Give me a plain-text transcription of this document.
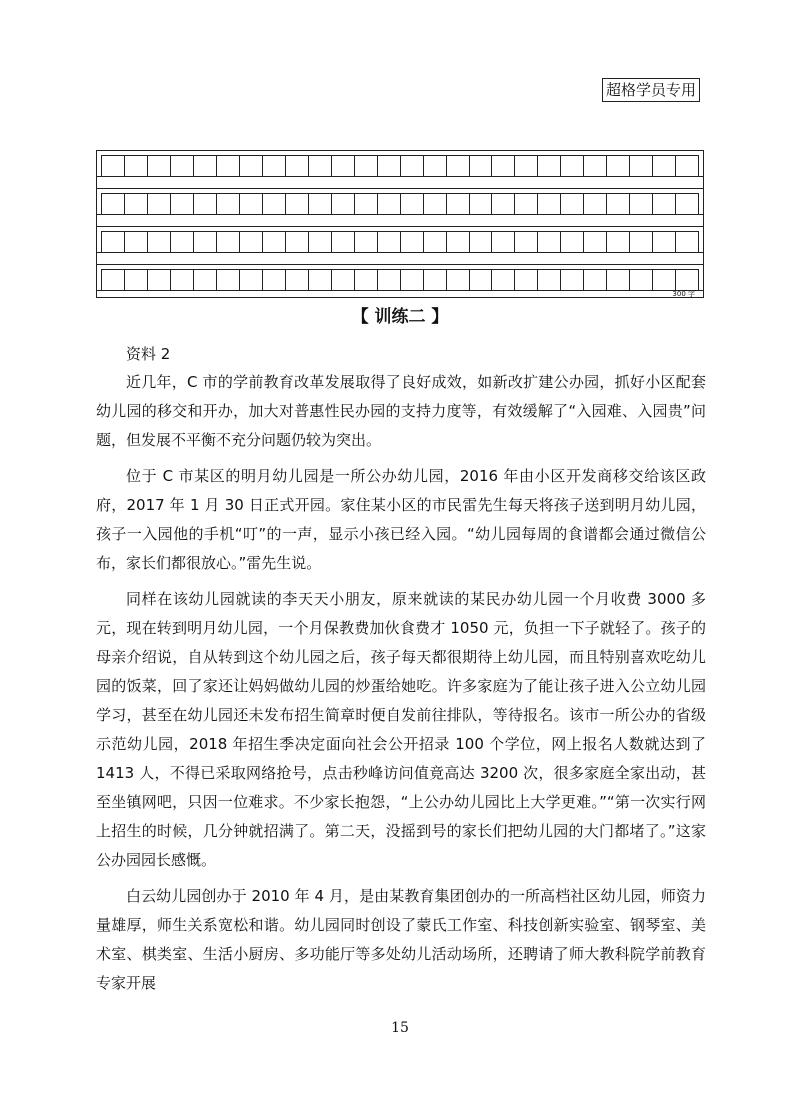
超格学员专用
300 字
【 训练二 】
资料 2

近几年，C 市的学前教育改革发展取得了良好成效，如新改扩建公办园，抓好小区配套幼儿园的移交和开办，加大对普惠性民办园的支持力度等，有效缓解了“入园难、入园贵”问题，但发展不平衡不充分问题仍较为突出。

位于 C 市某区的明月幼儿园是一所公办幼儿园，2016 年由小区开发商移交给该区政府，2017 年 1 月 30 日正式开园。家住某小区的市民雷先生每天将孩子送到明月幼儿园，孩子一入园他的手机“叮”的一声，显示小孩已经入园。“幼儿园每周的食谱都会通过微信公布，家长们都很放心。”雷先生说。

同样在该幼儿园就读的李天天小朋友，原来就读的某民办幼儿园一个月收费 3000 多元，现在转到明月幼儿园，一个月保教费加伙食费才 1050 元，负担一下子就轻了。孩子的母亲介绍说，自从转到这个幼儿园之后，孩子每天都很期待上幼儿园，而且特别喜欢吃幼儿园的饭菜，回了家还让妈妈做幼儿园的炒蛋给她吃。许多家庭为了能让孩子进入公立幼儿园学习，甚至在幼儿园还未发布招生简章时便自发前往排队，等待报名。该市一所公办的省级示范幼儿园，2018 年招生季决定面向社会公开招录 100 个学位，网上报名人数就达到了 1413 人，不得已采取网络抢号，点击秒峰访问值竟高达 3200 次，很多家庭全家出动，甚至坐镇网吧，只因一位难求。不少家长抱怨，“上公办幼儿园比上大学更难。”“第一次实行网上招生的时候，几分钟就招满了。第二天，没摇到号的家长们把幼儿园的大门都堵了。”这家公办园园长感慨。

白云幼儿园创办于 2010 年 4 月，是由某教育集团创办的一所高档社区幼儿园，师资力量雄厚，师生关系宽松和谐。幼儿园同时创设了蒙氏工作室、科技创新实验室、钢琴室、美术室、棋类室、生活小厨房、多功能厅等多处幼儿活动场所，还聘请了师大教科院学前教育专家开展

15
